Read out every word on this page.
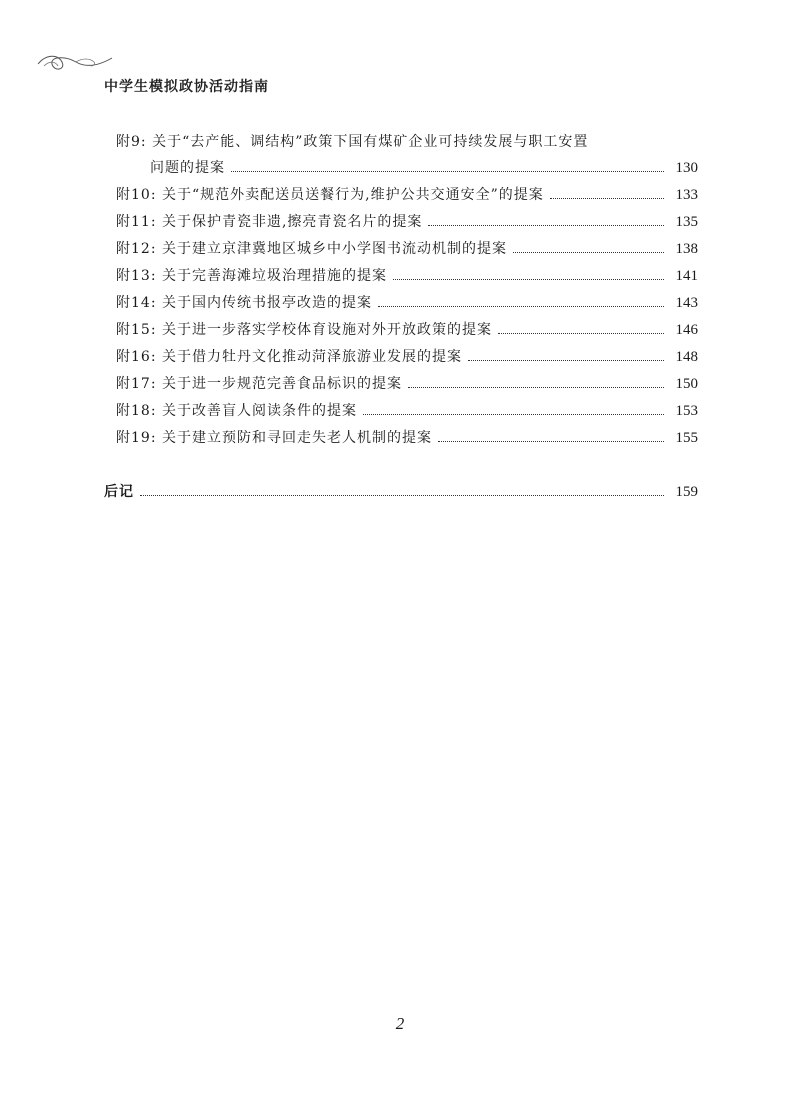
中学生模拟政协活动指南
附9: 关于“去产能、调结构”政策下国有煤矿企业可持续发展与职工安置
问题的提案	130
附10: 关于“规范外卖配送员送餐行为,维护公共交通安全”的提案	133
附11: 关于保护青瓷非遗,擦亮青瓷名片的提案	135
附12: 关于建立京津冀地区城乡中小学图书流动机制的提案	138
附13: 关于完善海滩垃圾治理措施的提案	141
附14: 关于国内传统书报亭改造的提案	143
附15: 关于进一步落实学校体育设施对外开放政策的提案	146
附16: 关于借力牡丹文化推动菏泽旅游业发展的提案	148
附17: 关于进一步规范完善食品标识的提案	150
附18: 关于改善盲人阅读条件的提案	153
附19: 关于建立预防和寻回走失老人机制的提案	155
后记	159
2
